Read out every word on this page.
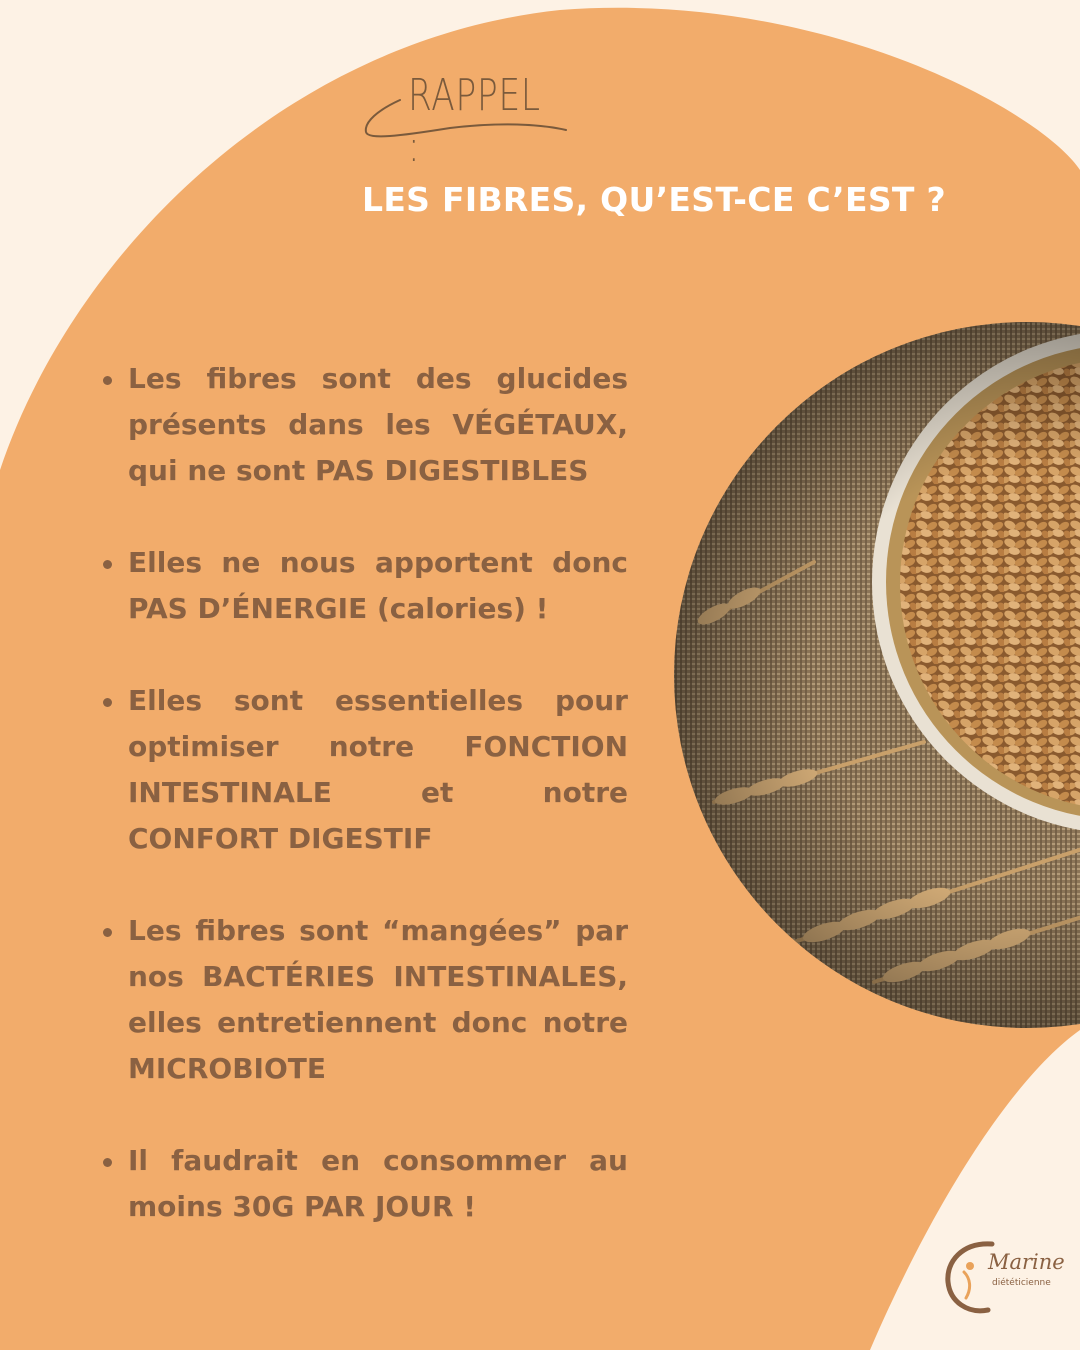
RAPPEL :
LES FIBRES, QU’EST-CE C’EST ?
Les fibres sont des glucides présents dans les VÉGÉTAUX, qui ne sont PAS DIGESTIBLES
Elles ne nous apportent donc PAS D’ÉNERGIE (calories) !
Elles sont essentielles pour optimiser notre FONCTION INTESTINALE et notre CONFORT DIGESTIF
Les fibres sont “mangées” par nos BACTÉRIES INTESTINALES, elles entretiennent donc notre MICROBIOTE
Il faudrait en consommer au moins 30G PAR JOUR !
Marine
diététicienne
